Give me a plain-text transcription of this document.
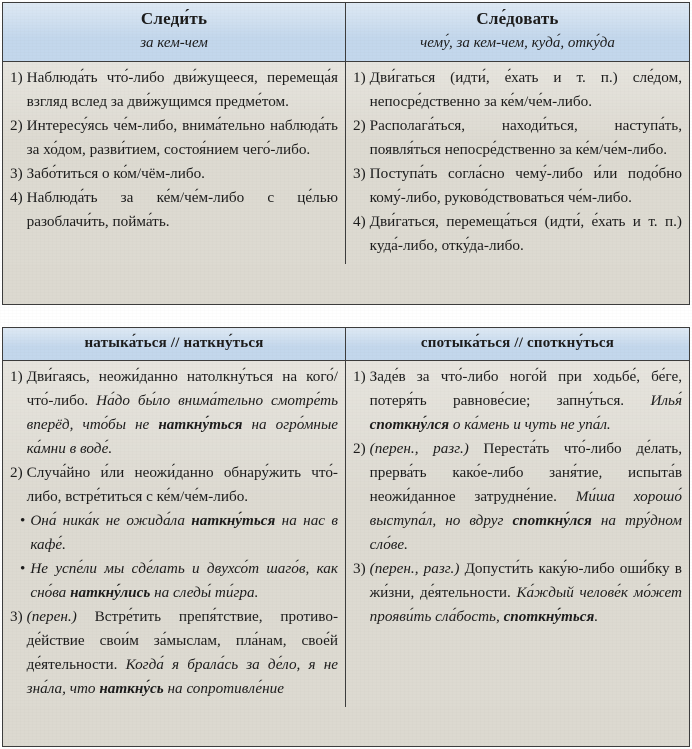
Следи́ть
за кем-чем
Сле́довать
чему́, за кем-чем, куда́, отку́да
1) Наблюда́ть что́-либо дви́жущееся, перемеща́я взгляд вслед за дви́жущимся предме́том.
2) Интересу́ясь че́м-либо, внима́тельно наблюда́ть за хо́дом, разви́тием, состоя́нием чего́-либо.
3) Забо́титься о ко́м/чём-либо.
4) Наблюда́ть за ке́м/че́м-либо с це́лью разоблачи́ть, пойма́ть.
1) Дви́гаться (идти́, е́хать и т. п.) сле́дом, непосре́дственно за ке́м/че́м-либо.
2) Располага́ться, находи́ться, наступа́ть, появля́ться непосре́дственно за ке́м/че́м-либо.
3) Поступа́ть согла́сно чему́-либо и́ли подо́бно кому́-либо, руково́дствоваться че́м-либо.
4) Дви́гаться, перемеща́ться (идти́, е́хать и т. п.) куда́-либо, отку́да-либо.
натыка́ться // наткну́ться	спотыка́ться // споткну́ться
1) Дви́гаясь, неожи́данно натолкну́ться на кого́/что́-либо. На́до бы́ло внима́тельно смотре́ть вперёд, что́бы не наткну́ться на огро́мные ка́мни в воде́.
2) Случа́йно и́ли неожи́данно обнару́жить что́-либо, встре́титься с ке́м/че́м-либо.
• Она́ ника́к не ожида́ла наткну́ться на нас в кафе́.
• Не успе́ли мы сде́лать и двухсо́т шаго́в, как сно́ва наткну́лись на следы́ ти́гра.
3) (перен.) Встре́тить препя́тствие, противоде́йствие свои́м за́мыслам, пла́нам, свое́й де́ятельности. Когда́ я брала́сь за де́ло, я не зна́ла, что наткну́сь на сопротивле́ние
1) Заде́в за что́-либо ного́й при ходьбе́, бе́ге, потеря́ть равнове́сие; запну́ться. Илья́ споткну́лся о ка́мень и чуть не упа́л.
2) (перен., разг.) Переста́ть что́-либо де́лать, прерва́ть како́е-либо заня́тие, испыта́в неожи́данное затрудне́ние. Ми́ша хорошо́ выступа́л, но вдруг споткну́лся на тру́дном сло́ве.
3) (перен., разг.) Допусти́ть каку́ю-либо оши́бку в жи́зни, де́ятельности. Ка́ждый челове́к мо́жет прояви́ть сла́бость, споткну́ться.
